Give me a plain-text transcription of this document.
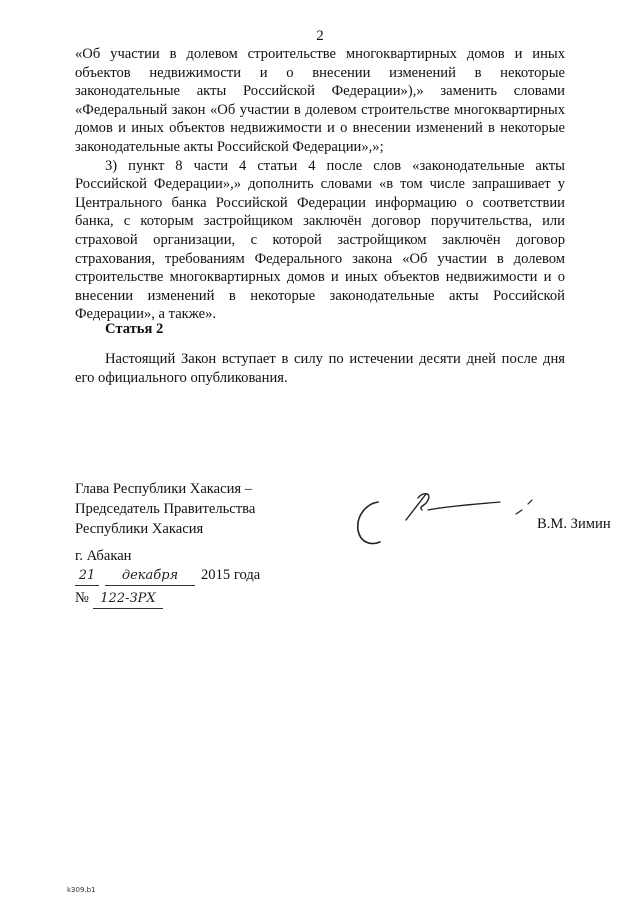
2

«Об участии в долевом строительстве многоквартирных домов и иных объектов недвижимости и о внесении изменений в некоторые законодательные акты Российской Федерации»),» заменить словами «Федеральный закон «Об участии в долевом строительстве многоквартирных домов и иных объектов недвижимости и о внесении изменений в некоторые законодательные акты Российской Федерации»,»;

3) пункт 8 части 4 статьи 4 после слов «законодательные акты Российской Федерации»,» дополнить словами «в том числе запрашивает у Центрального банка Российской Федерации информацию о соответствии банка, с которым застройщиком заключён договор поручительства, или страховой организации, с которой застройщиком заключён договор страхования, требованиям Федерального закона «Об участии в долевом строительстве многоквартирных домов и иных объектов недвижимости и о внесении изменений в некоторые законодательные акты Российской Федерации», а также».

Статья 2

Настоящий Закон вступает в силу по истечении десяти дней после дня его официального опубликования.

Глава Республики Хакасия –
Председатель Правительства
Республики Хакасия	В.М. Зимин
г. Абакан
21 декабря 2015 года
№ 122-ЗРХ
k309.b1
